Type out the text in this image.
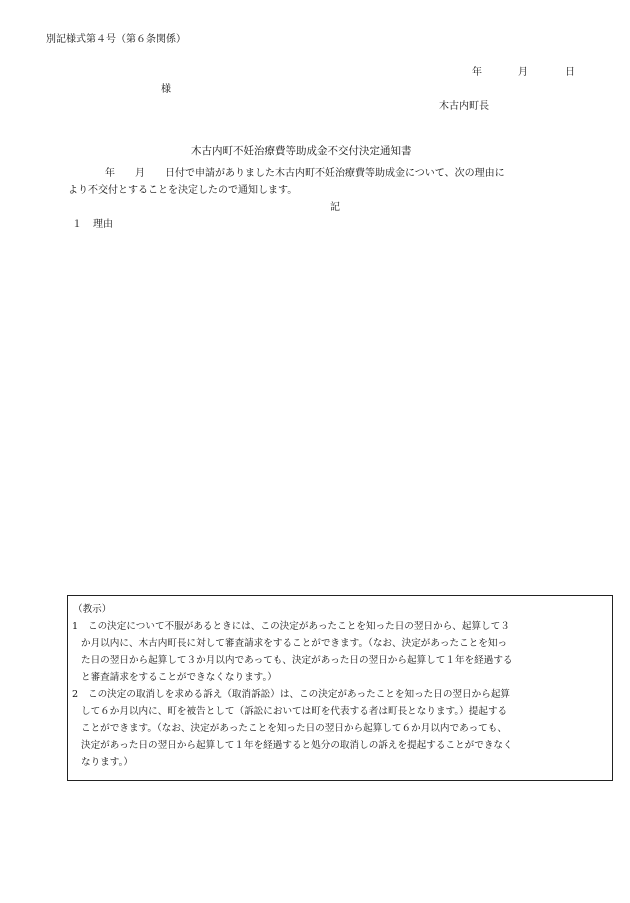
別記様式第４号（第６条関係）
年	月	日
様
木古内町長
木古内町不妊治療費等助成金不交付決定通知書
年　　月　　日付で申請がありました木古内町不妊治療費等助成金について、次の理由に
より不交付とすることを決定したので通知します。
記
１ 理由
（教示）
1 この決定について不服があるときには、この決定があったことを知った日の翌日から、起算して３
か月以内に、木古内町長に対して審査請求をすることができます。（なお、決定があったことを知っ
た日の翌日から起算して３か月以内であっても、決定があった日の翌日から起算して１年を経過する
と審査請求をすることができなくなります。）
2 この決定の取消しを求める訴え（取消訴訟）は、この決定があったことを知った日の翌日から起算
して６か月以内に、町を被告として（訴訟においては町を代表する者は町長となります。）提起する
ことができます。（なお、決定があったことを知った日の翌日から起算して６か月以内であっても、
決定があった日の翌日から起算して１年を経過すると処分の取消しの訴えを提起することができなく
なります。）
